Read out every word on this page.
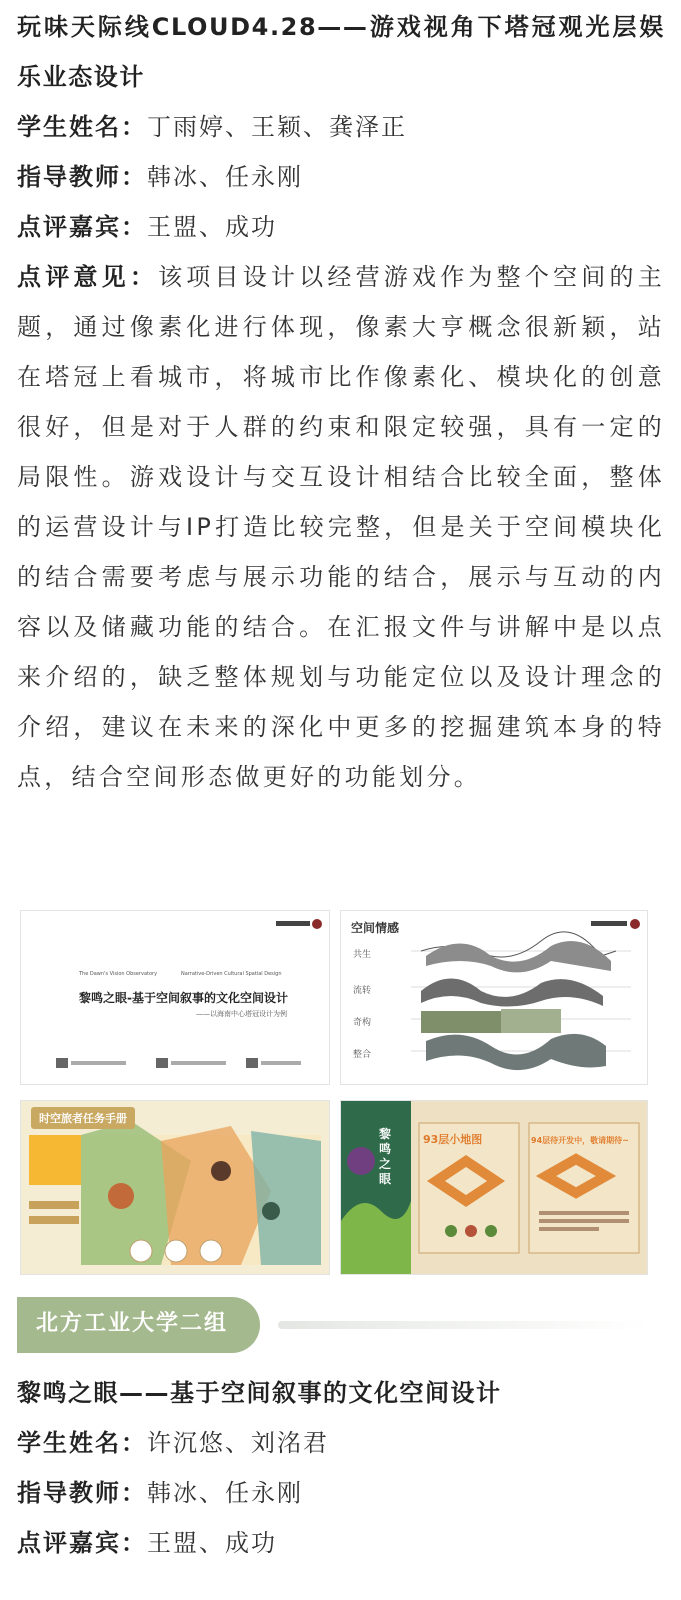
玩味天际线CLOUD4.28——游戏视角下塔冠观光层娱乐业态设计
学生姓名：丁雨婷、王颖、龚泽正
指导教师：韩冰、任永刚
点评嘉宾：王盟、成功
点评意见：该项目设计以经营游戏作为整个空间的主题，通过像素化进行体现，像素大亨概念很新颖，站在塔冠上看城市，将城市比作像素化、模块化的创意很好，但是对于人群的约束和限定较强，具有一定的局限性。游戏设计与交互设计相结合比较全面，整体的运营设计与IP打造比较完整，但是关于空间模块化的结合需要考虑与展示功能的结合，展示与互动的内容以及储藏功能的结合。在汇报文件与讲解中是以点来介绍的，缺乏整体规划与功能定位以及设计理念的介绍，建议在未来的深化中更多的挖掘建筑本身的特点，结合空间形态做更好的功能划分。
The Dawn's Vision Observatory	Narrative-Driven Cultural Spatial Design
黎鸣之眼-基于空间叙事的文化空间设计
——以海南中心塔冠设计为例
空间情感
共生
流转
奇构
整合
时空旅者任务手册
黎鸣之眼
93层小地图	94层待开发中，敬请期待~
北方工业大学二组
黎鸣之眼——基于空间叙事的文化空间设计
学生姓名：许沉悠、刘洺君
指导教师：韩冰、任永刚
点评嘉宾：王盟、成功
